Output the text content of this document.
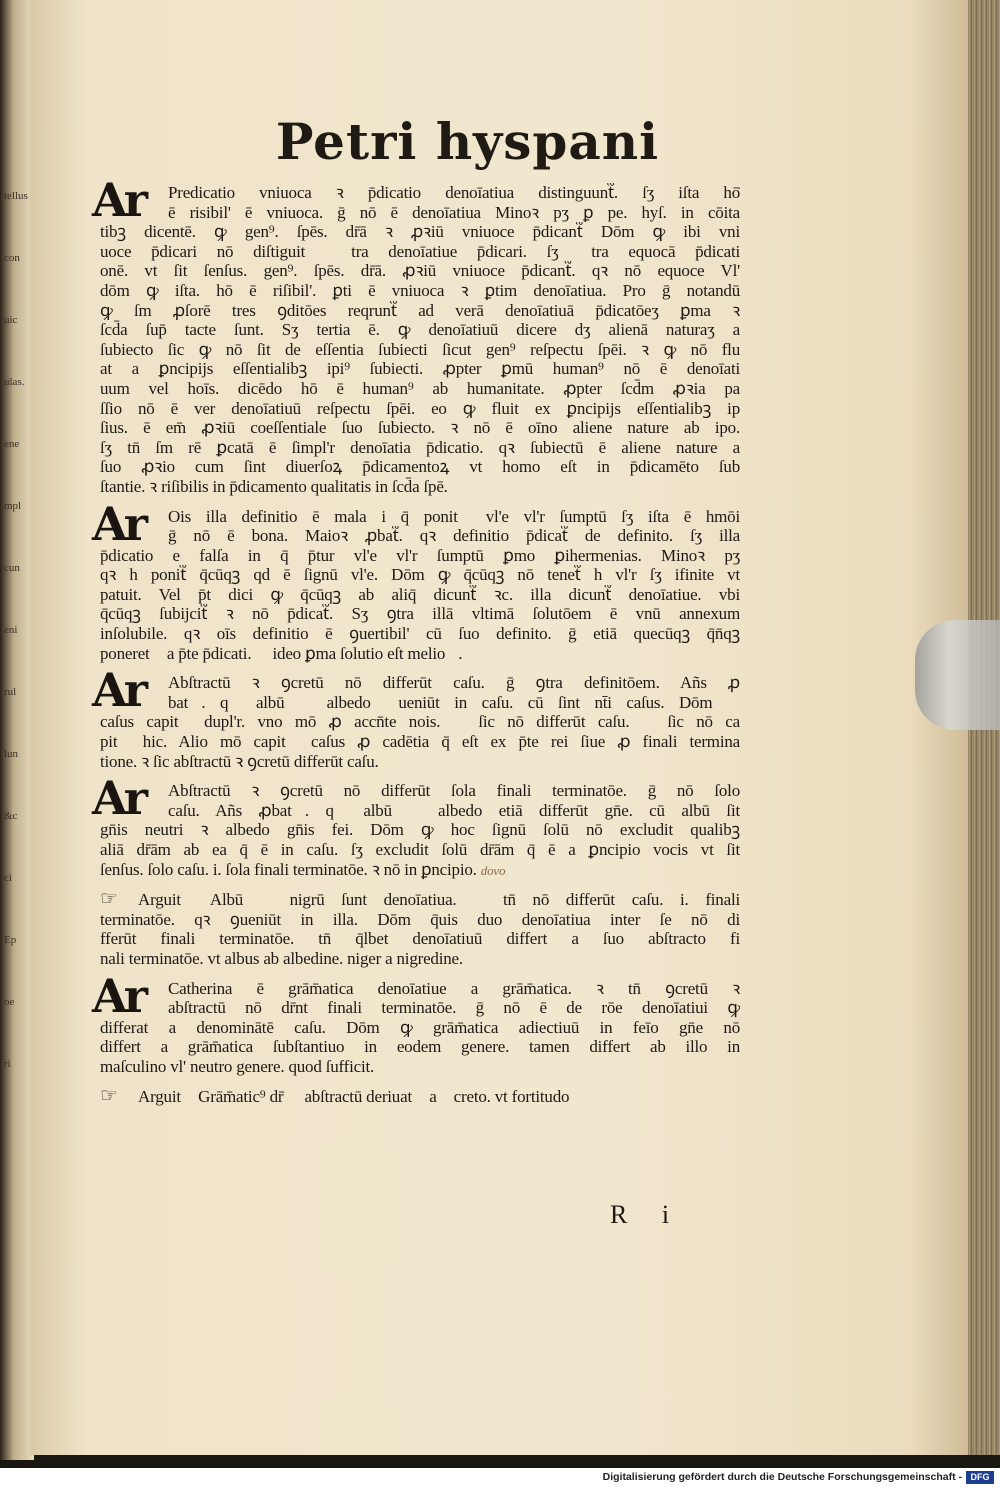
tellus
con
uic
ulas.
ene
mpl
cun
eni
rul
lun
&c
ci
Ep
oe
ri
Petri hyspani
Ar	Predicatio vniuoca ꝛ p̄dicatio denoīatiua distinguunt᷑. ſʒ iſta hō̄
ē risibil' ē vniuoca. ḡ nō ē denoīatiua Minoꝛ pʒ ꝑ pe. hyſ. in cōita
tibꝫ dicentē. ꝙ gen⁹. ſpēs. dr̄ā ꝛ ꝓꝛiū vniuoce p̄dicant᷑ Dōm ꝙ ibi vni
uoce p̄dicari nō diſtiguit᷑ ꝯtra denoīatiue p̄dicari. ſʒ ꝯtra equocā p̄dicati
onē. vt ſit ſenſus. gen⁹. ſpēs. dr̄ā. ꝓꝛiū vniuoce p̄dicant᷑. qꝛ nō equoce Vl'
dōm ꝙ iſta. hō ē riſibil'. ꝑti ē vniuoca ꝛ ꝑtim denoīatiua. Pro ḡ notandū
ꝙ ſm ꝓſorē tres ꝯditōes reqrunt᷑ ad verā denoīatiuā p̄dicatōeʒ ꝑma ꝛ
ſcd̄a ſup̄ tacte ſunt. Sʒ tertia ē. ꝙ denoīatiuū dicere dʒ alienā naturaʒ a
ſubiecto ſic ꝙ nō ſit de eſſentia ſubiecti ſicut gen⁹ reſpectu ſpēi. ꝛ ꝙ nō flu
at a ꝑncipijs eſſentialibꝫ ipi⁹ ſubiecti. ꝓpter ꝑmū human⁹ nō ē denoīati
uum vel hoīs. dicēdo hō ē human⁹ ab humanitate. ꝓpter ſcd̄m ꝓꝛia pa
ſſio nō ē ver denoīatiuū reſpectu ſpēi. eo ꝙ fluit ex ꝑncipijs eſſentialibꝫ ip
ſius. ē em̄ ꝓꝛiū coeſſentiale ſuo ſubiecto. ꝛ nō ē oīno aliene nature ab ipo.
ſʒ tn̄ ſm rē ꝑcatā ē ſimpl'r denoīatia p̄dicatio. qꝛ ſubiectū ē aliene nature a
ſuo ꝓꝛio cum ſint diuerſoꝝ p̄dicamentoꝝ vt homo eſt in p̄dicamēto ſub
ſtantie. ꝛ riſibilis in p̄dicamento qualitatis in ſcd̄a ſpē.
Ar	Ois illa definitio ē mala i q̄ ponit᷑ vl'e vl'r ſumptū ſʒ iſta ē hmōi
ḡ nō ē bona. Maioꝛ ꝓbat᷑. qꝛ definitio p̄dicat᷑ de definito. ſʒ illa
p̄dicatio e falſa in q̄ p̄tur vl'e vl'r ſumptū ꝑmo ꝑihermenias. Minoꝛ pʒ
qꝛ h ponit᷑ q̄cūqꝫ qd ē ſignū vl'e. Dōm ꝙ q̄cūqꝫ nō tenet᷑ h vl'r ſʒ ifinite vt
patuit. Vel p̄t dici ꝙ q̄cūqꝫ ab aliq̄ dicunt᷑ ꝛc. illa dicunt᷑ denoīatiue. vbi
q̄cūqꝫ ſubijcit᷑ ꝛ nō p̄dicat᷑. Sʒ ꝯtra illā vltimā ſolutōem ē vnū annexum
inſolubile. qꝛ oīs definitio ē ꝯuertibil' cū ſuo definito. ḡ etiā quecūqꝫ q̄n̄qꝫ
poneret᷑ a p̄te p̄dicati. ꝛ ideo ꝑma ſolutio eſt melioꝛ.
Ar	Abſtractū ꝛ ꝯcretū nō differūt caſu. ḡ ꝯtra definitōem. Añs ꝓ
bat᷑. qꝛ albū ꝛ albedo ꝯueniūt in caſu. cū ſint nt̄i caſus. Dōm ꝙ
caſus capit᷑ dupl'r. vno mō ꝓ accn̄te nois. ꝛ ſic nō differūt caſu. ꝛ ſic nō ca
pit᷑ hic. Alio mō capit᷑ caſus ꝓ cadētia q̄ eſt ex p̄te rei ſiue ꝓ finali termina
tione. ꝛ ſic abſtractū ꝛ ꝯcretū differūt caſu.
Ar	Abſtractū ꝛ ꝯcretū nō differūt ſola finali terminatōe. ḡ nō ſolo
caſu. Añs ꝓbat᷑. qꝛ albū ꝛ albedo etiā differūt gn̄e. cū albū ſit
gn̄is neutri ꝛ albedo gn̄is fei. Dōm ꝙ hoc ſignū ſolū nō excludit qualibꝫ
aliā dr̄ām ab ea q̄ ē in caſu. ſʒ excludit ſolū dr̄ām q̄ ē a ꝑncipio vocis vt ſit
ſenſus. ſolo caſu. i. ſola finali terminatōe. ꝛ nō in ꝑncipio. dovo
☞ Arguit᷑ Albū ꝛ nigrū ſunt denoīatiua. ꝛ tn̄ nō differūt caſu. i. finali
terminatōe. qꝛ ꝯueniūt in illa. Dōm q̄uis duo denoīatiua inter ſe nō di
fferūt finali terminatōe. tn̄ q̄lbet denoīatiuū differt a ſuo abſtracto fi
nali terminatōe. vt albus ab albedine. niger a nigredine.
Ar	Catherina ē grām̄atica denoīatiue a grām̄atica. ꝛ tn̄ ꝯcretū ꝛ
abſtractū nō dr̄nt finali terminatōe. ḡ nō ē de rōe denoīatiui ꝙ
differat a denominātē caſu. Dōm ꝙ grām̄atica adiectiuū in feīo gn̄e nō
differt a grām̄atica ſubſtantiuo in eodem genere. tamen differt ab illo in
maſculino vl' neutro genere. quod ſufficit.
☞ Arguit᷑ Grām̄atic⁹ dr̄ ꝙ abſtractū deriuat᷑ a ꝯcreto. vt fortitudo
R i
Digitalisierung gefördert durch die Deutsche Forschungsgemeinschaft - DFG
